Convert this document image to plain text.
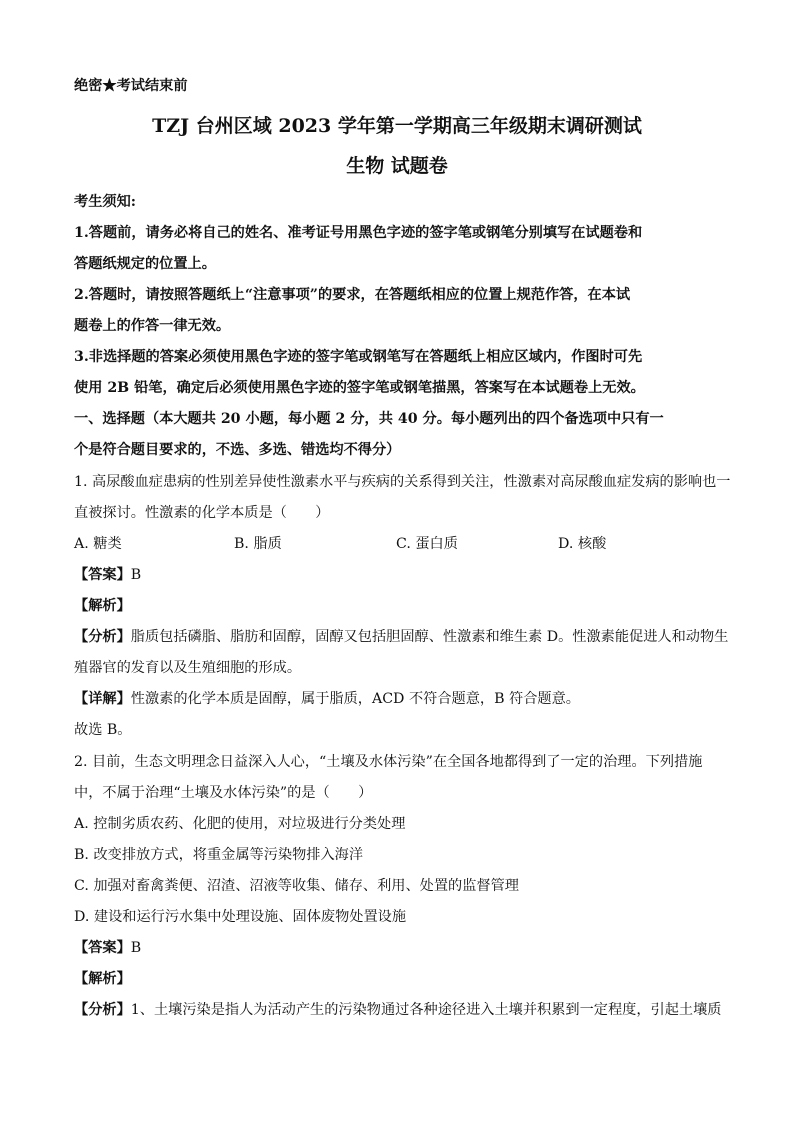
绝密★考试结束前
TZJ 台州区域 2023 学年第一学期高三年级期末调研测试
生物 试题卷
考生须知:
1.答题前，请务必将自己的姓名、准考证号用黑色字迹的签字笔或钢笔分别填写在试题卷和
答题纸规定的位置上。
2.答题时，请按照答题纸上“注意事项”的要求，在答题纸相应的位置上规范作答，在本试
题卷上的作答一律无效。
3.非选择题的答案必须使用黑色字迹的签字笔或钢笔写在答题纸上相应区域内，作图时可先
使用 2B 铅笔，确定后必须使用黑色字迹的签字笔或钢笔描黑，答案写在本试题卷上无效。
一、选择题（本大题共 20 小题，每小题 2 分，共 40 分。每小题列出的四个备选项中只有一
个是符合题目要求的，不选、多选、错选均不得分）
1. 高尿酸血症患病的性别差异使性激素水平与疾病的关系得到关注，性激素对高尿酸血症发病的影响也一
直被探讨。性激素的化学本质是（　　）
A. 糖类	B. 脂质	C. 蛋白质	D. 核酸
【答案】B
【解析】
【分析】脂质包括磷脂、脂肪和固醇，固醇又包括胆固醇、性激素和维生素 D。性激素能促进人和动物生
殖器官的发育以及生殖细胞的形成。
【详解】性激素的化学本质是固醇，属于脂质，ACD 不符合题意，B 符合题意。
故选 B。
2. 目前，生态文明理念日益深入人心，“土壤及水体污染”在全国各地都得到了一定的治理。下列措施
中，不属于治理“土壤及水体污染”的是（　　）
A. 控制劣质农药、化肥的使用，对垃圾进行分类处理
B. 改变排放方式，将重金属等污染物排入海洋
C. 加强对畜禽粪便、沼渣、沼液等收集、储存、利用、处置的监督管理
D. 建设和运行污水集中处理设施、固体废物处置设施
【答案】B
【解析】
【分析】1、土壤污染是指人为活动产生的污染物通过各种途径进入土壤并积累到一定程度，引起土壤质
